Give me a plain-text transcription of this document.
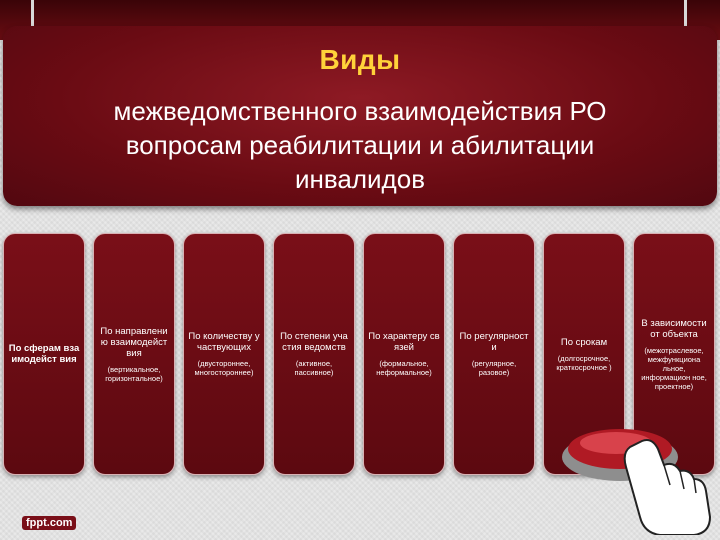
Виды
межведомственного взаимодействия РО
вопросам реабилитации и абилитации
инвалидов
По сферам взаимодейст вия
По направлению взаимодейст вия
(вертикальное, горизонтальное)
По количеству участвующих
(двустороннее, многостороннее)
По степени участия ведомств
(активное, пассивное)
По характеру связей
(формальное, неформальное)
По регулярности
(регулярное, разовое)
По срокам
(долгосрочное, краткосрочное )
В зависимости от объекта
(межотраслевое, межфункциона льное, информацион ное, проектное)
fppt.com
